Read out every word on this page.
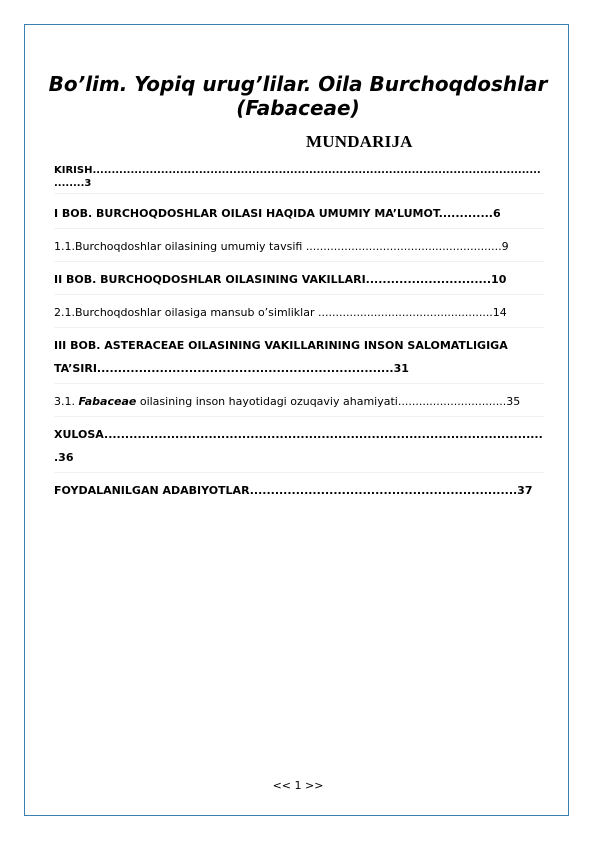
Bo’lim. Yopiq urug’lilar. Oila Burchoqdoshlar (Fabaceae)
MUNDARIJA
KIRISH..............................................................................................................................3
I BOB. BURCHOQDOSHLAR OILASI HAQIDA UMUMIY MA’LUMOT.............6
1.1.Burchoqdoshlar oilasining umumiy tavsifi ........................................................9
II BOB. BURCHOQDOSHLAR OILASINING VAKILLARI..............................10
2.1.Burchoqdoshlar oilasiga mansub o’simliklar ..................................................14
III BOB. ASTERACEAE OILASINING VAKILLARINING INSON SALOMATLIGIGA TA’SIRI.......................................................................31
3.1. Fabaceae oilasining inson hayotidagi ozuqaviy ahamiyati...............................35
XULOSA..........................................................................................................36
FOYDALANILGAN ADABIYOTLAR................................................................37
<< 1 >>
